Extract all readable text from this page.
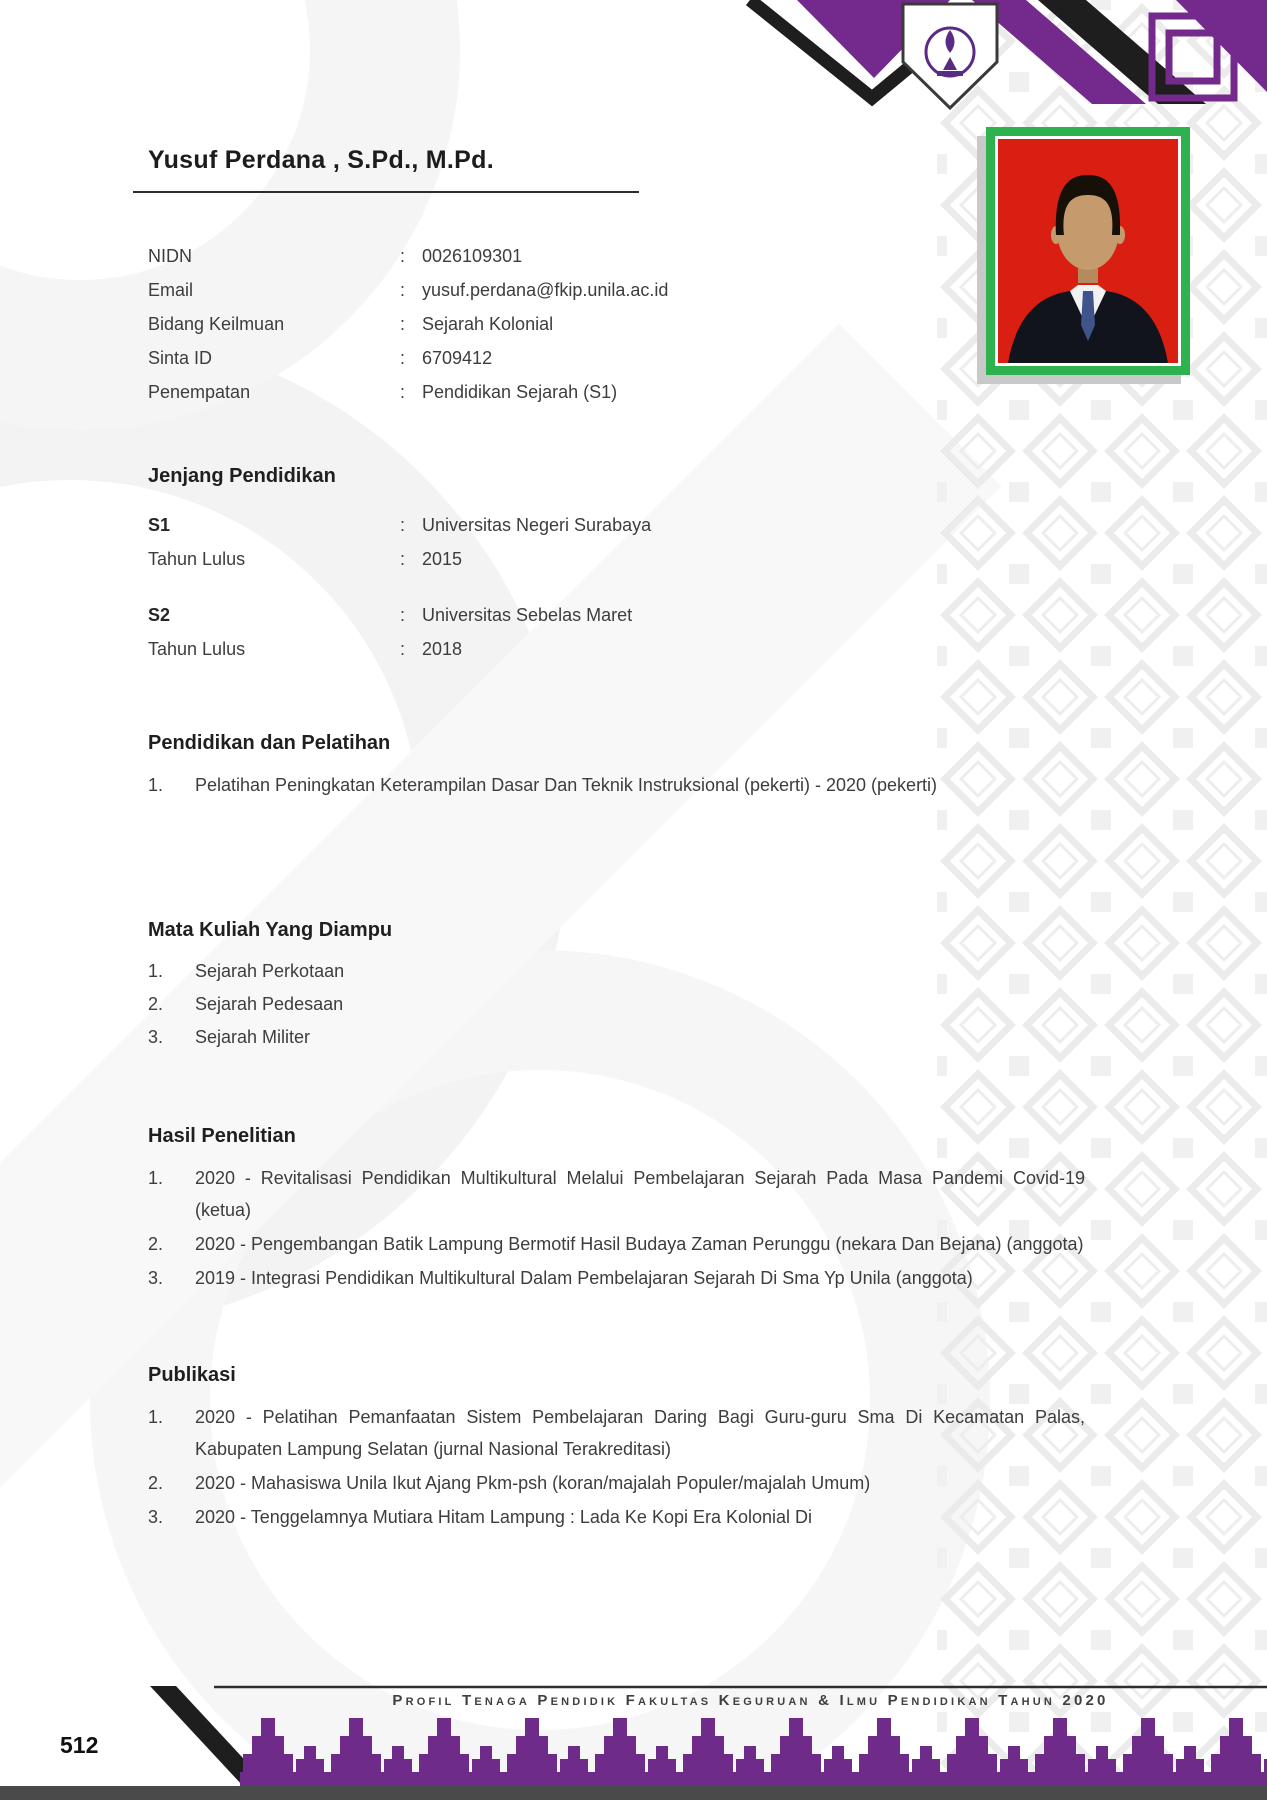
Yusuf Perdana , S.Pd., M.Pd.
NIDN	: 0026109301
Email	: yusuf.perdana@fkip.unila.ac.id
Bidang Keilmuan	: Sejarah Kolonial
Sinta ID	: 6709412
Penempatan	: Pendidikan Sejarah (S1)
Jenjang Pendidikan
S1	: Universitas Negeri Surabaya
Tahun Lulus	: 2015
S2	: Universitas Sebelas Maret
Tahun Lulus	: 2018
Pendidikan dan Pelatihan
1.	Pelatihan Peningkatan Keterampilan Dasar Dan Teknik Instruksional (pekerti) - 2020 (pekerti)
Mata Kuliah Yang Diampu
1.	Sejarah Perkotaan
2.	Sejarah Pedesaan
3.	Sejarah Militer
Hasil Penelitian
1.	2020 - Revitalisasi Pendidikan Multikultural Melalui Pembelajaran Sejarah Pada Masa Pandemi Covid-19 (ketua)
2.	2020 - Pengembangan Batik Lampung Bermotif Hasil Budaya Zaman Perunggu (nekara Dan Bejana) (anggota)
3.	2019 - Integrasi Pendidikan Multikultural Dalam Pembelajaran Sejarah Di Sma Yp Unila (anggota)
Publikasi
1.	2020 - Pelatihan Pemanfaatan Sistem Pembelajaran Daring Bagi Guru-guru Sma Di Kecamatan Palas, Kabupaten Lampung Selatan (jurnal Nasional Terakreditasi)
2.	2020 - Mahasiswa Unila Ikut Ajang Pkm-psh (koran/majalah Populer/majalah Umum)
3.	2020 - Tenggelamnya Mutiara Hitam Lampung : Lada Ke Kopi Era Kolonial Di
Profil Tenaga Pendidik Fakultas Keguruan & Ilmu Pendidikan Tahun 2020
512
